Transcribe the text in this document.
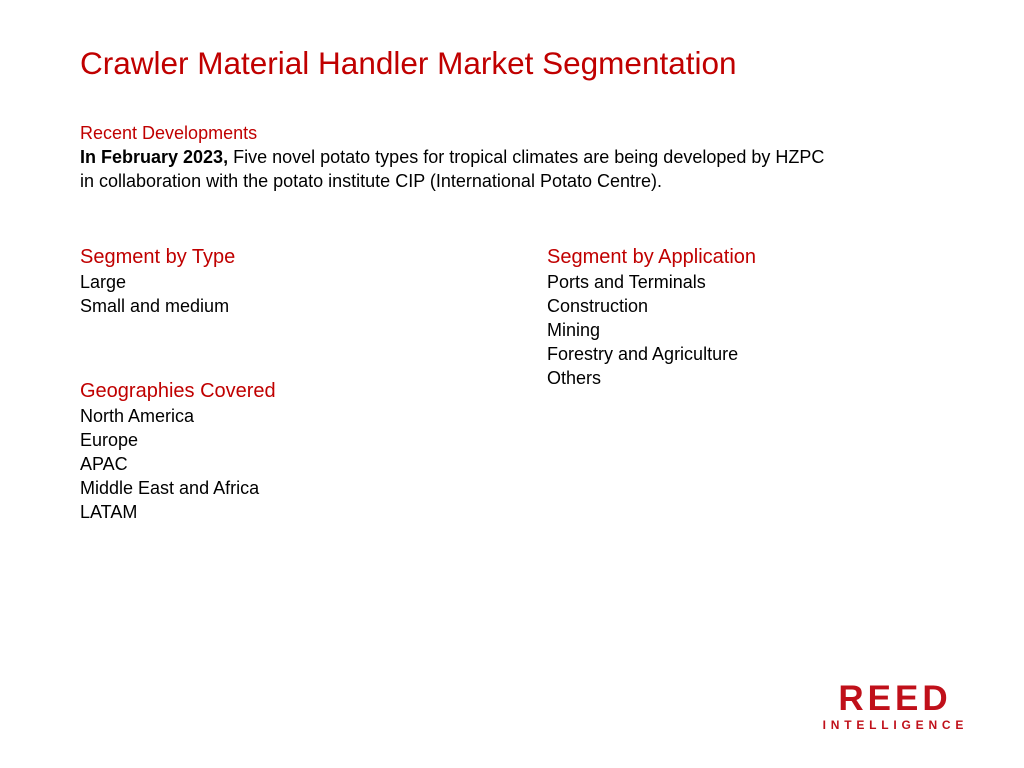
Crawler Material Handler Market Segmentation
Recent Developments
In February 2023, Five novel potato types for tropical climates are being developed by HZPC
in collaboration with the potato institute CIP (International Potato Centre).
Segment by Type
Large
Small and medium
Geographies Covered
North America
Europe
APAC
Middle East and Africa
LATAM
Segment by Application
Ports and Terminals
Construction
Mining
Forestry and Agriculture
Others
REED
INTELLIGENCE
